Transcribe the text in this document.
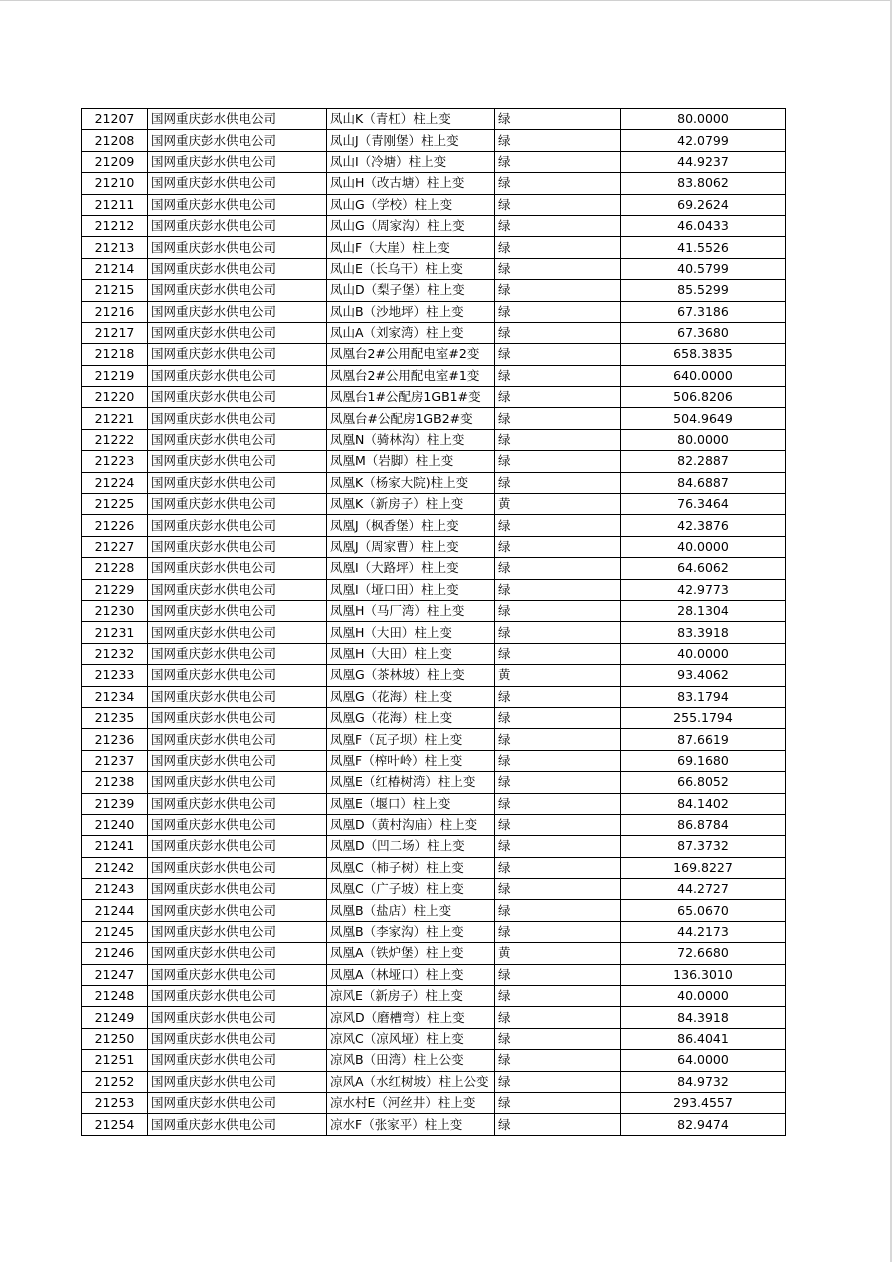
21207	国网重庆彭水供电公司	凤山K（青杠）柱上变	绿	80.0000
21208	国网重庆彭水供电公司	凤山J（青刚堡）柱上变	绿	42.0799
21209	国网重庆彭水供电公司	凤山I（冷塘）柱上变	绿	44.9237
21210	国网重庆彭水供电公司	凤山H（改古塘）柱上变	绿	83.8062
21211	国网重庆彭水供电公司	凤山G（学校）柱上变	绿	69.2624
21212	国网重庆彭水供电公司	凤山G（周家沟）柱上变	绿	46.0433
21213	国网重庆彭水供电公司	凤山F（大崖）柱上变	绿	41.5526
21214	国网重庆彭水供电公司	凤山E（长乌干）柱上变	绿	40.5799
21215	国网重庆彭水供电公司	凤山D（梨子堡）柱上变	绿	85.5299
21216	国网重庆彭水供电公司	凤山B（沙地坪）柱上变	绿	67.3186
21217	国网重庆彭水供电公司	凤山A（刘家湾）柱上变	绿	67.3680
21218	国网重庆彭水供电公司	凤凰台2#公用配电室#2变	绿	658.3835
21219	国网重庆彭水供电公司	凤凰台2#公用配电室#1变	绿	640.0000
21220	国网重庆彭水供电公司	凤凰台1#公配房1GB1#变	绿	506.8206
21221	国网重庆彭水供电公司	凤凰台#公配房1GB2#变	绿	504.9649
21222	国网重庆彭水供电公司	凤凰N（骑林沟）柱上变	绿	80.0000
21223	国网重庆彭水供电公司	凤凰M（岩脚）柱上变	绿	82.2887
21224	国网重庆彭水供电公司	凤凰K（杨家大院)柱上变	绿	84.6887
21225	国网重庆彭水供电公司	凤凰K（新房子）柱上变	黄	76.3464
21226	国网重庆彭水供电公司	凤凰J（枫香堡）柱上变	绿	42.3876
21227	国网重庆彭水供电公司	凤凰J（周家曹）柱上变	绿	40.0000
21228	国网重庆彭水供电公司	凤凰I（大路坪）柱上变	绿	64.6062
21229	国网重庆彭水供电公司	凤凰I（垭口田）柱上变	绿	42.9773
21230	国网重庆彭水供电公司	凤凰H（马厂湾）柱上变	绿	28.1304
21231	国网重庆彭水供电公司	凤凰H（大田）柱上变	绿	83.3918
21232	国网重庆彭水供电公司	凤凰H（大田）柱上变	绿	40.0000
21233	国网重庆彭水供电公司	凤凰G（茶林坡）柱上变	黄	93.4062
21234	国网重庆彭水供电公司	凤凰G（花海）柱上变	绿	83.1794
21235	国网重庆彭水供电公司	凤凰G（花海）柱上变	绿	255.1794
21236	国网重庆彭水供电公司	凤凰F（瓦子坝）柱上变	绿	87.6619
21237	国网重庆彭水供电公司	凤凰F（榨叶岭）柱上变	绿	69.1680
21238	国网重庆彭水供电公司	凤凰E（红椿树湾）柱上变	绿	66.8052
21239	国网重庆彭水供电公司	凤凰E（堰口）柱上变	绿	84.1402
21240	国网重庆彭水供电公司	凤凰D（黄村沟庙）柱上变	绿	86.8784
21241	国网重庆彭水供电公司	凤凰D（凹二场）柱上变	绿	87.3732
21242	国网重庆彭水供电公司	凤凰C（柿子树）柱上变	绿	169.8227
21243	国网重庆彭水供电公司	凤凰C（广子坡）柱上变	绿	44.2727
21244	国网重庆彭水供电公司	凤凰B（盐店）柱上变	绿	65.0670
21245	国网重庆彭水供电公司	凤凰B（李家沟）柱上变	绿	44.2173
21246	国网重庆彭水供电公司	凤凰A（铁炉堡）柱上变	黄	72.6680
21247	国网重庆彭水供电公司	凤凰A（林垭口）柱上变	绿	136.3010
21248	国网重庆彭水供电公司	凉风E（新房子）柱上变	绿	40.0000
21249	国网重庆彭水供电公司	凉风D（磨槽弯）柱上变	绿	84.3918
21250	国网重庆彭水供电公司	凉风C（凉风垭）柱上变	绿	86.4041
21251	国网重庆彭水供电公司	凉风B（田湾）柱上公变	绿	64.0000
21252	国网重庆彭水供电公司	凉风A（水红树坡）柱上公变	绿	84.9732
21253	国网重庆彭水供电公司	凉水村E（河丝井）柱上变	绿	293.4557
21254	国网重庆彭水供电公司	凉水F（张家平）柱上变	绿	82.9474
